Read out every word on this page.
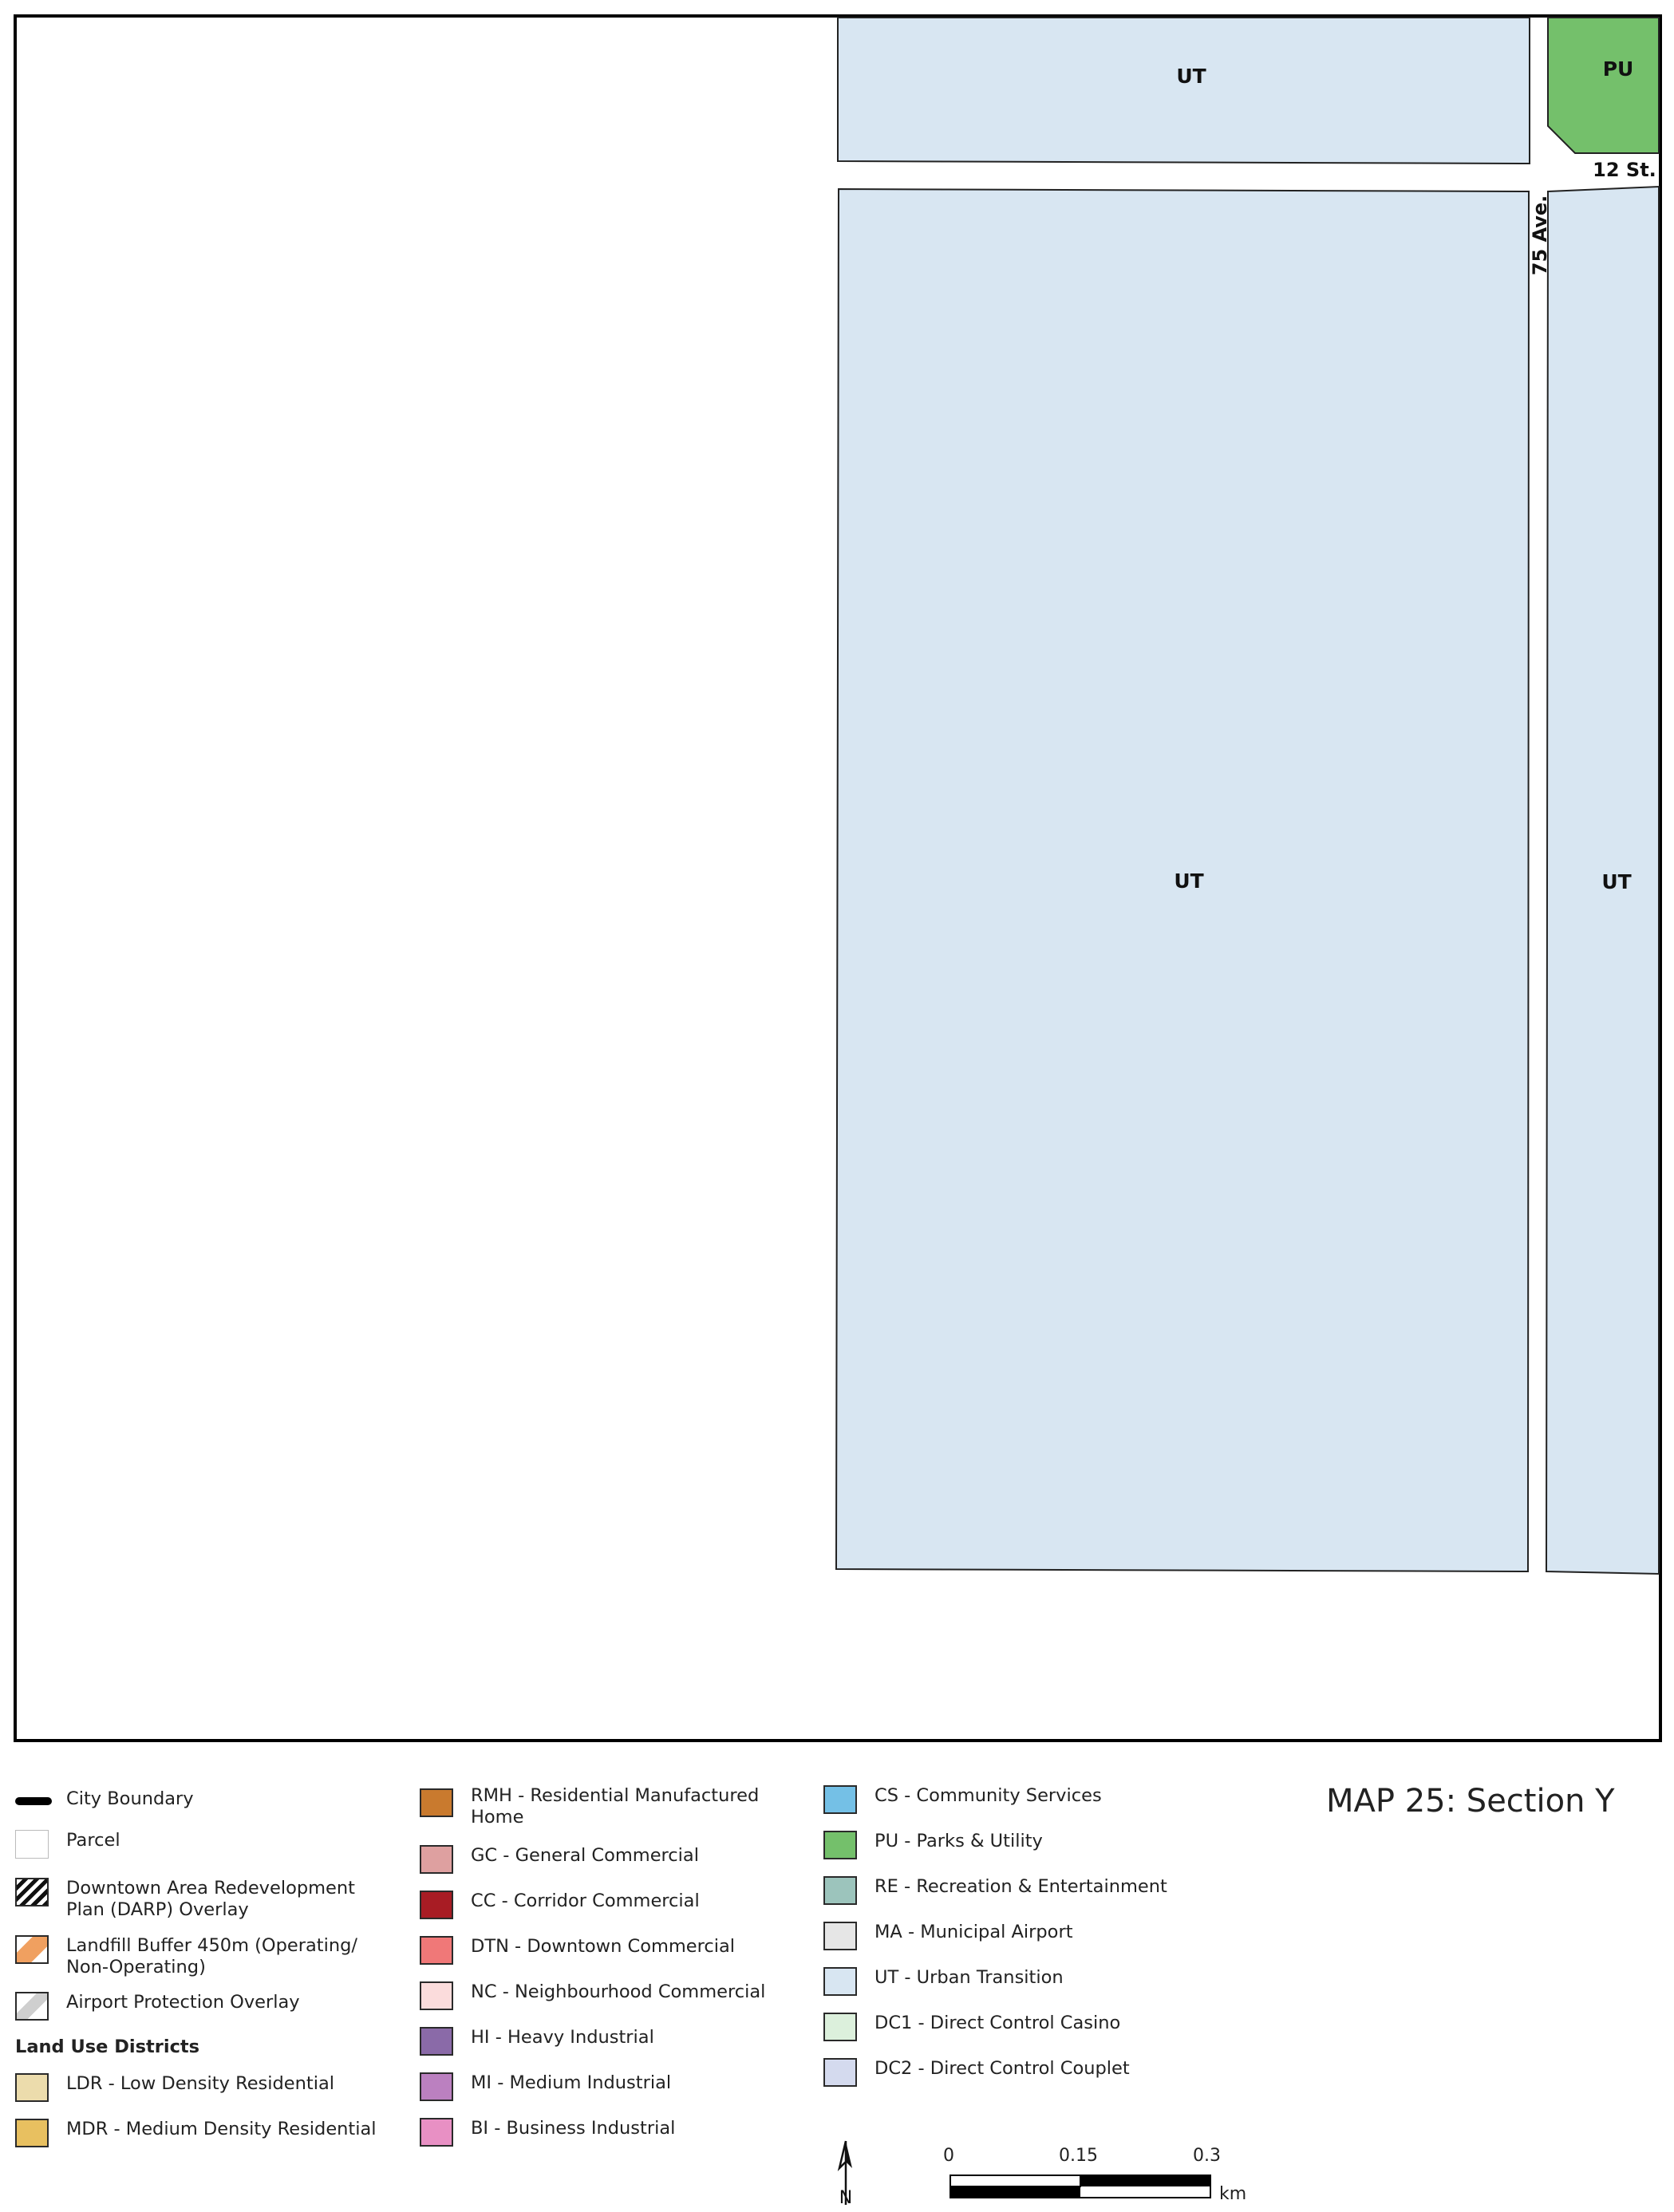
UT
UT	UT
PU
12 St.
75 Ave.
City Boundary
Parcel
Downtown Area Redevelopment Plan (DARP) Overlay
Landfill Buffer 450m (Operating/ Non-Operating)
Airport Protection Overlay
Land Use Districts
LDR - Low Density Residential
MDR - Medium Density Residential
RMH - Residential Manufactured Home
GC - General Commercial
CC - Corridor Commercial
DTN - Downtown Commercial
NC - Neighbourhood Commercial
HI - Heavy Industrial
MI - Medium Industrial
BI - Business Industrial
CS - Community Services
PU - Parks & Utility
RE - Recreation & Entertainment
MA - Municipal Airport
UT - Urban Transition
DC1 - Direct Control Casino
DC2 - Direct Control Couplet
MAP 25: Section Y
N
0	0.15	0.3
km
